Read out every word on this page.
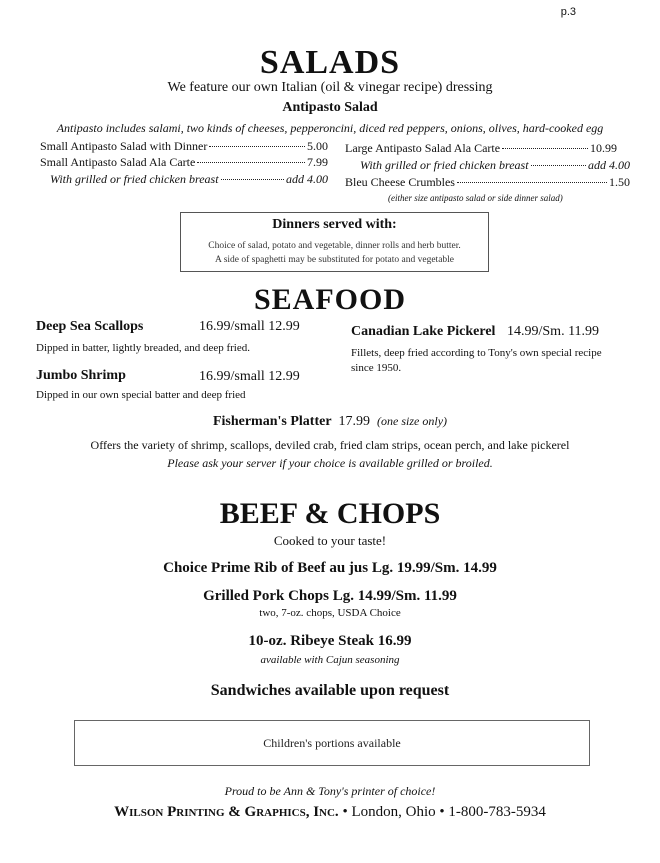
p.3
SALADS
We feature our own Italian (oil & vinegar recipe) dressing
Antipasto Salad
Antipasto includes salami, two kinds of cheeses, pepperoncini, diced red peppers, onions, olives, hard-cooked egg
Small Antipasto Salad with Dinner	5.00
Small Antipasto Salad Ala Carte	7.99
With grilled or fried chicken breast	add 4.00
Large Antipasto Salad Ala Carte	10.99
With grilled or fried chicken breast	add 4.00
Bleu Cheese Crumbles	1.50
(either size antipasto salad or side dinner salad)
Dinners served with:
Choice of salad, potato and vegetable, dinner rolls and herb butter.
A side of spaghetti may be substituted for potato and vegetable
SEAFOOD
Deep Sea Scallops	16.99/small 12.99
Dipped in batter, lightly breaded, and deep fried.
Jumbo Shrimp	16.99/small 12.99
Dipped in our own special batter and deep fried
Canadian Lake Pickerel 14.99/Sm. 11.99
Fillets, deep fried according to Tony's own special recipe since 1950.
Fisherman's Platter 17.99 (one size only)
Offers the variety of shrimp, scallops, deviled crab, fried clam strips, ocean perch, and lake pickerel
Please ask your server if your choice is available grilled or broiled.
BEEF & CHOPS
Cooked to your taste!
Choice Prime Rib of Beef au jus Lg. 19.99/Sm. 14.99
Grilled Pork Chops Lg. 14.99/Sm. 11.99
two, 7-oz. chops, USDA Choice
10-oz. Ribeye Steak 16.99
available with Cajun seasoning
Sandwiches available upon request
Children's portions available
Proud to be Ann & Tony's printer of choice!
Wilson Printing & Graphics, Inc. • London, Ohio • 1-800-783-5934
